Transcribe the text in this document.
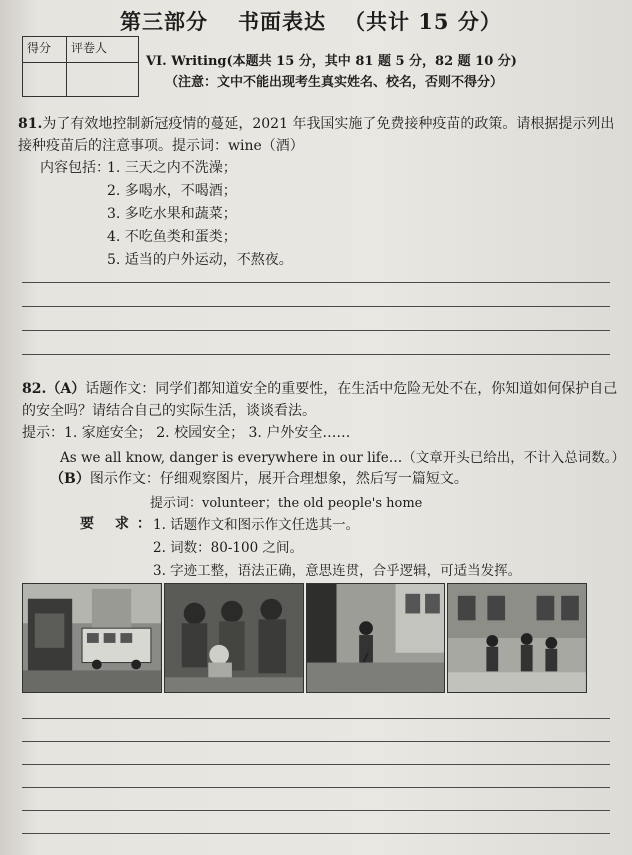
第三部分 书面表达 （共计 15 分）
得分	评卷人

VI. Writing(本题共 15 分，其中 81 题 5 分，82 题 10 分)
（注意：文中不能出现考生真实姓名、校名，否则不得分）
81.为了有效地控制新冠疫情的蔓延，2021 年我国实施了免费接种疫苗的政策。请根据提示列出接种疫苗后的注意事项。提示词：wine（酒）
内容包括：
1. 三天之内不洗澡；
2. 多喝水，不喝酒；
3. 多吃水果和蔬菜；
4. 不吃鱼类和蛋类；
5. 适当的户外运动，不熬夜。
82.（A）话题作文：同学们都知道安全的重要性，在生活中危险无处不在，你知道如何保护自己的安全吗？请结合自己的实际生活，谈谈看法。
提示：1. 家庭安全； 2. 校园安全； 3. 户外安全……
As we all know, danger is everywhere in our life…（文章开头已给出，不计入总词数。）
（B）图示作文：仔细观察图片，展开合理想象，然后写一篇短文。
提示词：volunteer；the old people's home
要 求：
1. 话题作文和图示作文任选其一。
2. 词数：80-100 之间。
3. 字迹工整，语法正确，意思连贯，合乎逻辑，可适当发挥。
